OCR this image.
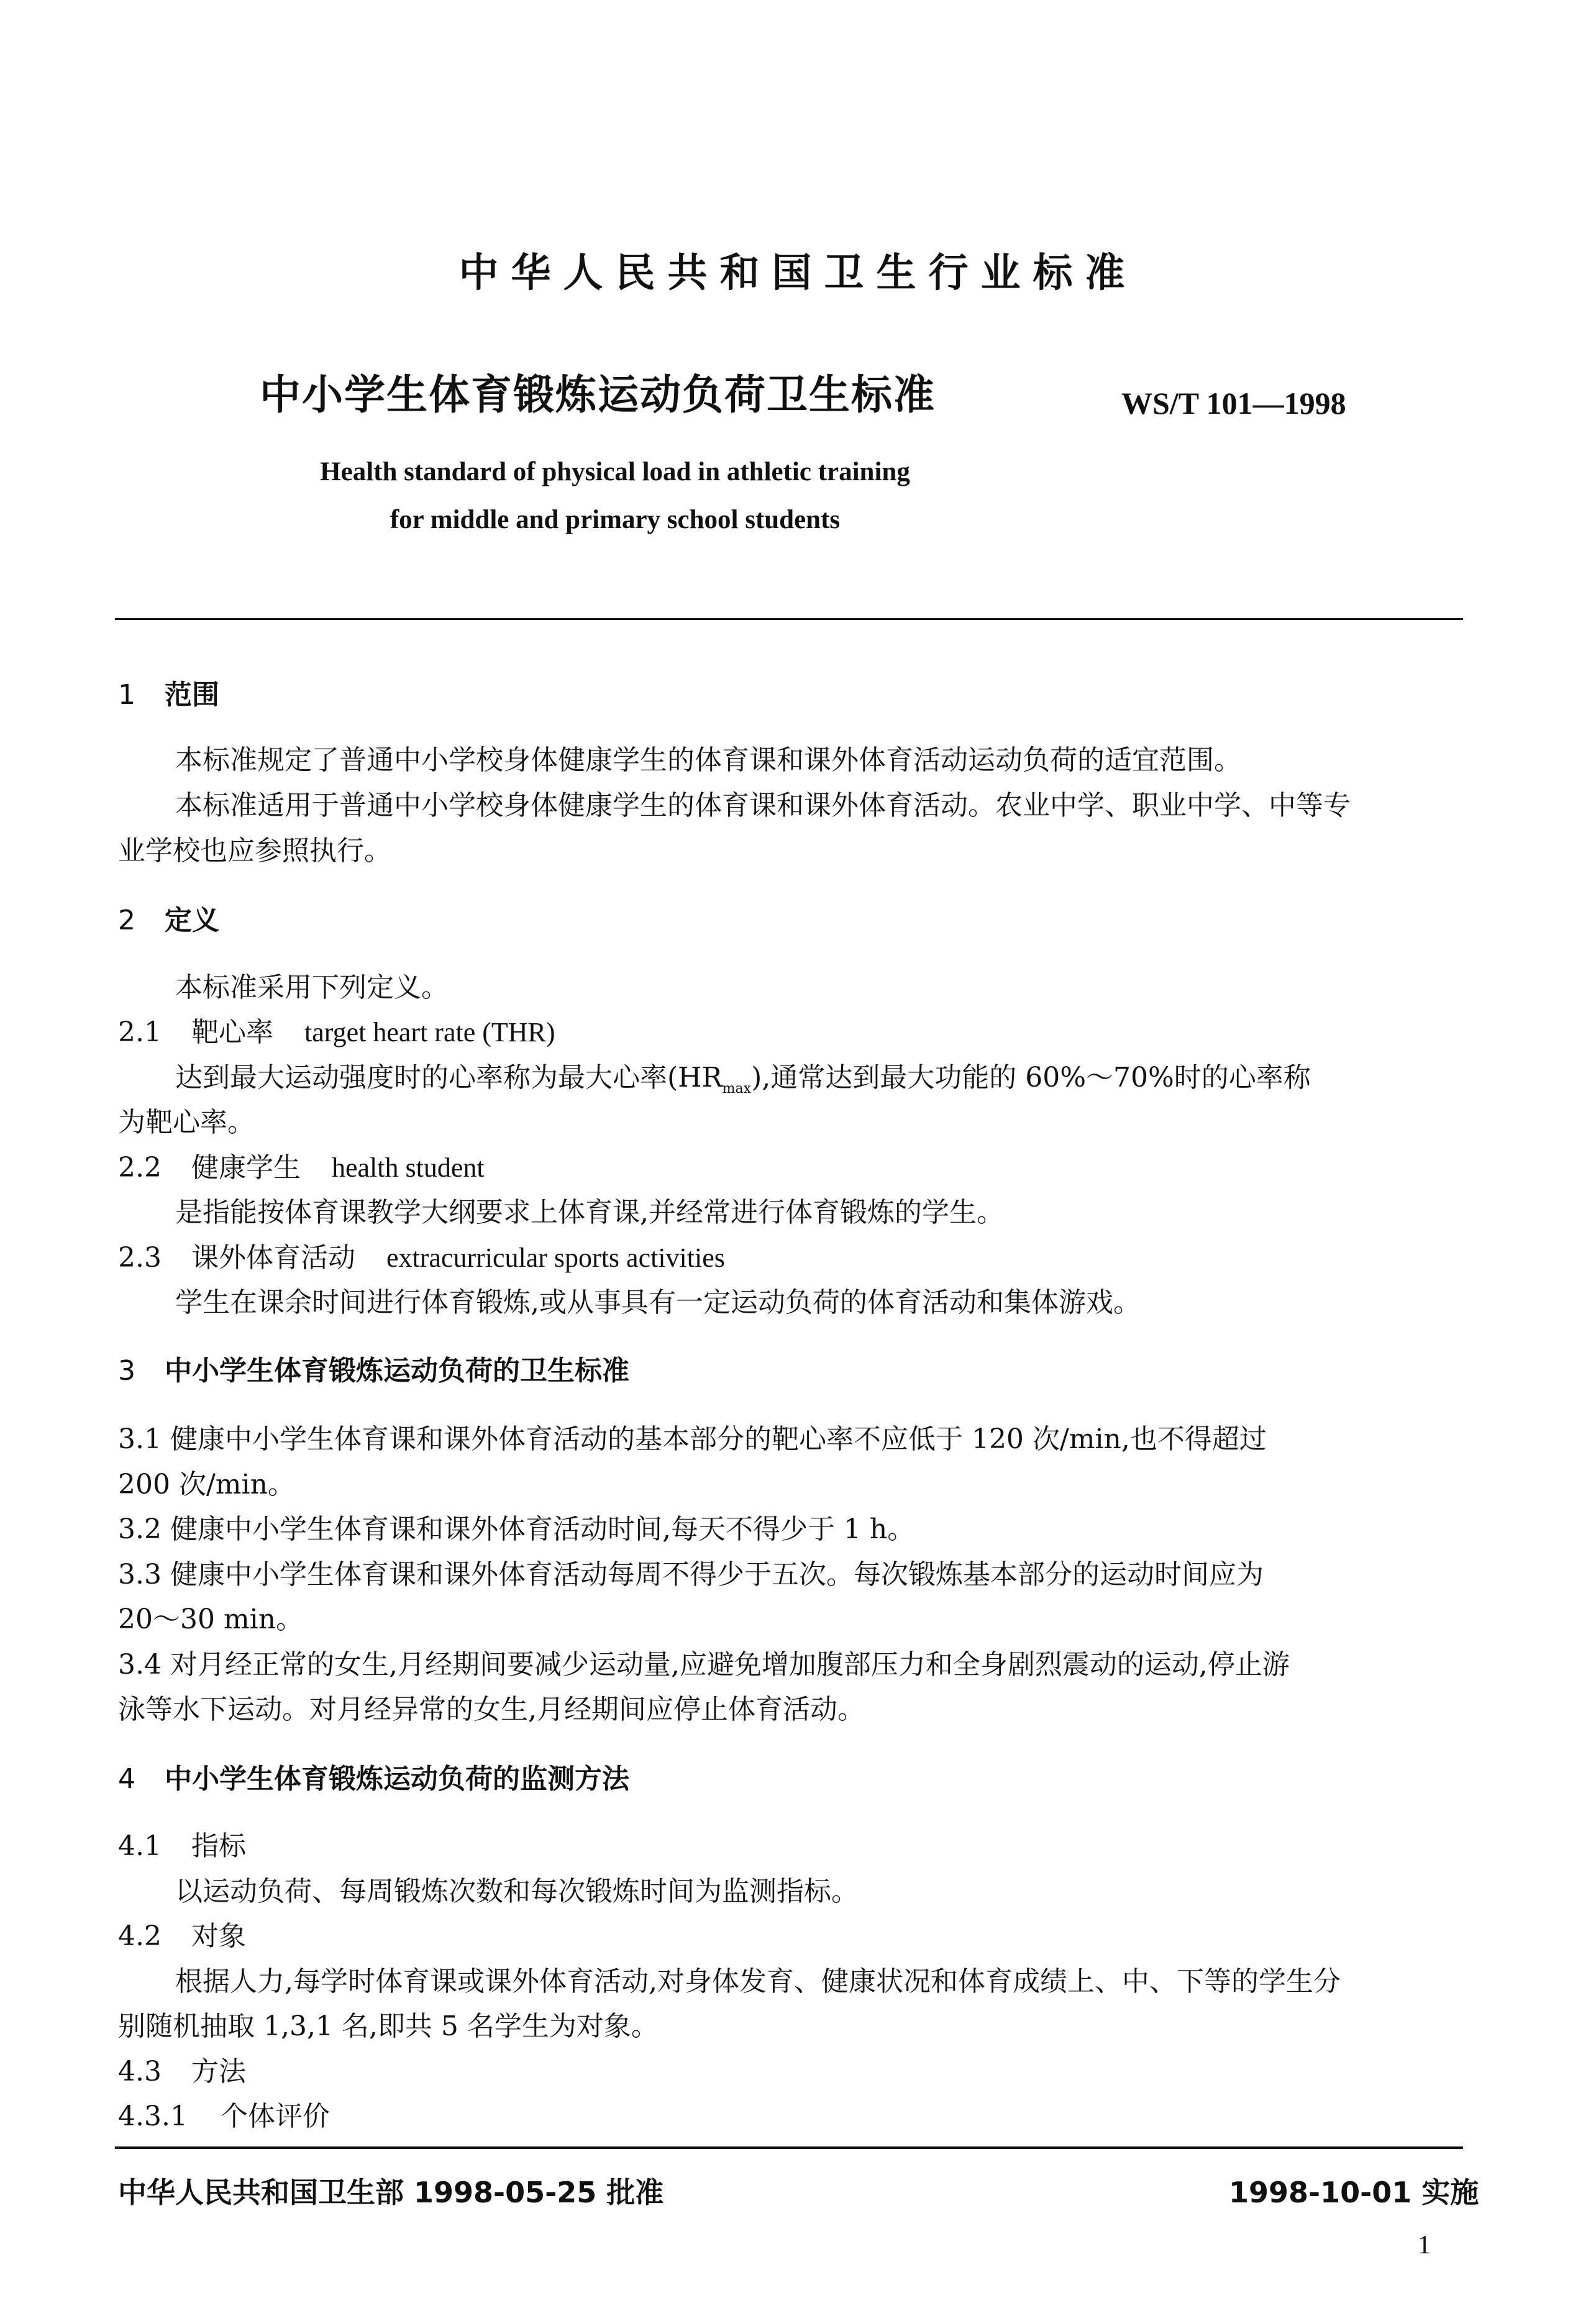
中华人民共和国卫生行业标准
中小学生体育锻炼运动负荷卫生标准	WS/T 101—1998
Health standard of physical load in athletic training
for middle and primary school students
1 范围
本标准规定了普通中小学校身体健康学生的体育课和课外体育活动运动负荷的适宜范围。
本标准适用于普通中小学校身体健康学生的体育课和课外体育活动。农业中学、职业中学、中等专
业学校也应参照执行。
2 定义
本标准采用下列定义。
2.1 靶心率 target heart rate (THR)
达到最大运动强度时的心率称为最大心率$(HR_{max})$,通常达到最大功能的 60%～70%时的心率称
为靶心率。
2.2 健康学生 health student
是指能按体育课教学大纲要求上体育课,并经常进行体育锻炼的学生。
2.3 课外体育活动 extracurricular sports activities
学生在课余时间进行体育锻炼,或从事具有一定运动负荷的体育活动和集体游戏。
3 中小学生体育锻炼运动负荷的卫生标准
3.1 健康中小学生体育课和课外体育活动的基本部分的靶心率不应低于 120 次/min,也不得超过
200 次/min。
3.2 健康中小学生体育课和课外体育活动时间,每天不得少于 1 h。
3.3 健康中小学生体育课和课外体育活动每周不得少于五次。每次锻炼基本部分的运动时间应为
20～30 min。
3.4 对月经正常的女生,月经期间要减少运动量,应避免增加腹部压力和全身剧烈震动的运动,停止游
泳等水下运动。对月经异常的女生,月经期间应停止体育活动。
4 中小学生体育锻炼运动负荷的监测方法
4.1 指标
以运动负荷、每周锻炼次数和每次锻炼时间为监测指标。
4.2 对象
根据人力,每学时体育课或课外体育活动,对身体发育、健康状况和体育成绩上、中、下等的学生分
别随机抽取 1,3,1 名,即共 5 名学生为对象。
4.3 方法
4.3.1 个体评价
中华人民共和国卫生部 1998-05-25 批准	1998-10-01 实施
1
